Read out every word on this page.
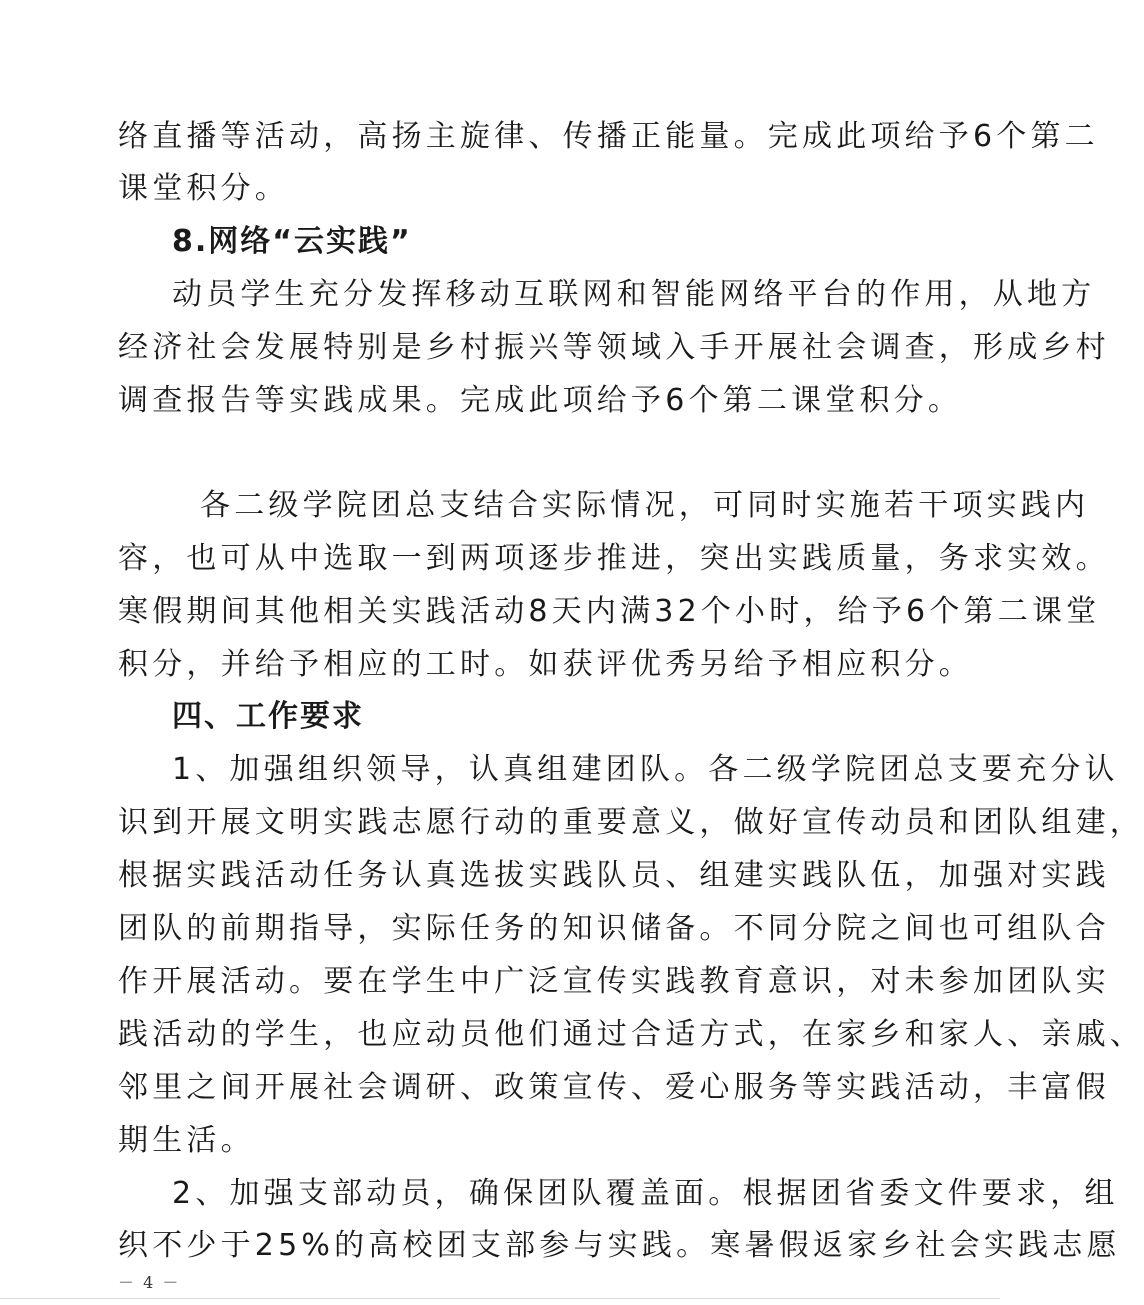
络直播等活动，高扬主旋律、传播正能量。完成此项给予6个第二
课堂积分。
8.网络“云实践”
动员学生充分发挥移动互联网和智能网络平台的作用，从地方
经济社会发展特别是乡村振兴等领域入手开展社会调查，形成乡村
调查报告等实践成果。完成此项给予6个第二课堂积分。
各二级学院团总支结合实际情况，可同时实施若干项实践内
容，也可从中选取一到两项逐步推进，突出实践质量，务求实效。
寒假期间其他相关实践活动8天内满32个小时，给予6个第二课堂
积分，并给予相应的工时。如获评优秀另给予相应积分。
四、工作要求
1、加强组织领导，认真组建团队。各二级学院团总支要充分认
识到开展文明实践志愿行动的重要意义，做好宣传动员和团队组建，
根据实践活动任务认真选拔实践队员、组建实践队伍，加强对实践
团队的前期指导，实际任务的知识储备。不同分院之间也可组队合
作开展活动。要在学生中广泛宣传实践教育意识，对未参加团队实
践活动的学生，也应动员他们通过合适方式，在家乡和家人、亲戚、
邻里之间开展社会调研、政策宣传、爱心服务等实践活动，丰富假
期生活。
2、加强支部动员，确保团队覆盖面。根据团省委文件要求，组
织不少于25%的高校团支部参与实践。寒暑假返家乡社会实践志愿
－ 4 －
